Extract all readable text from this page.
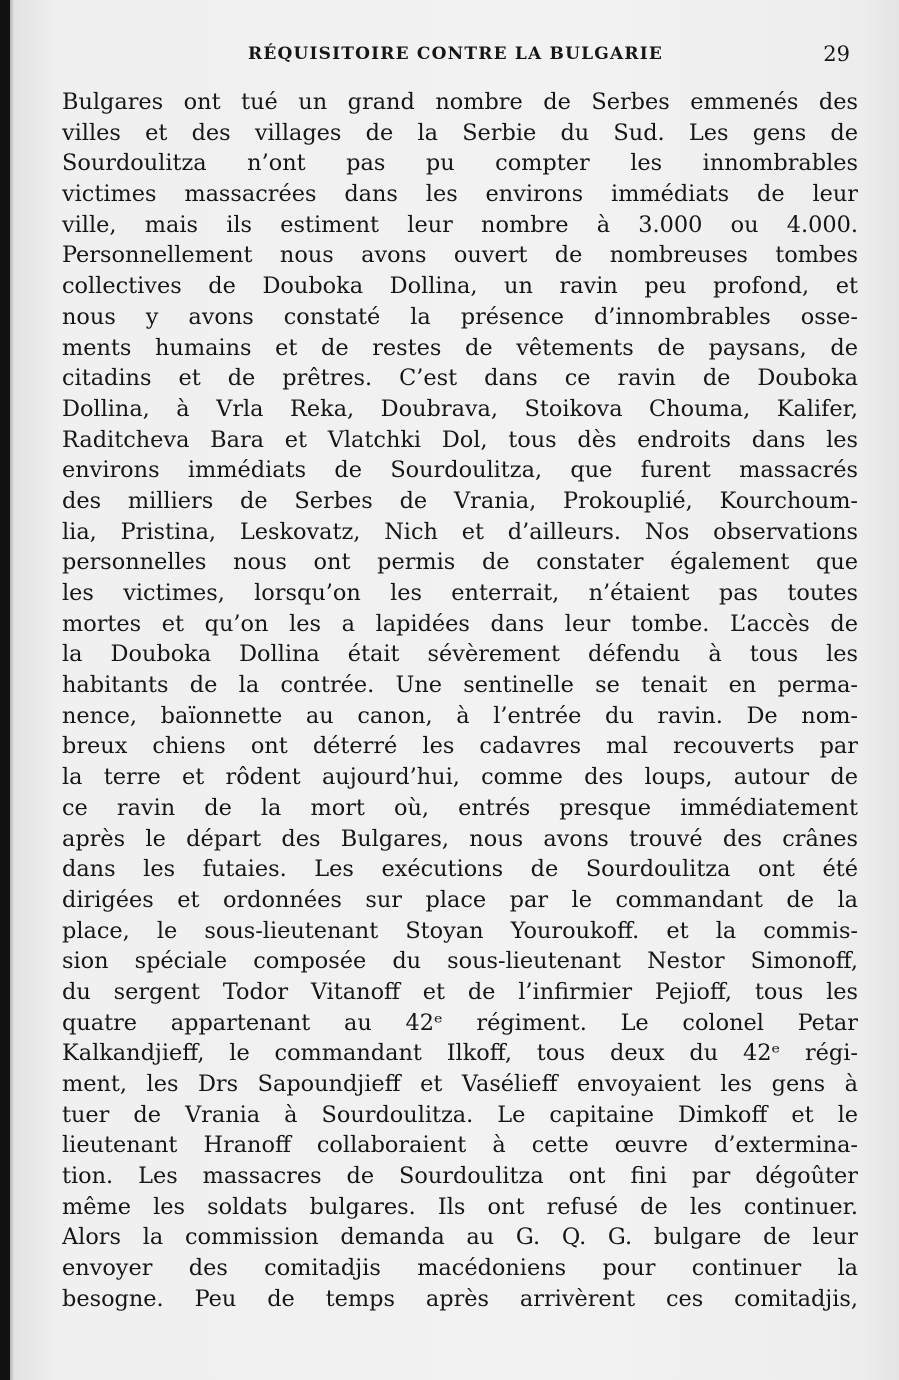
RÉQUISITOIRE CONTRE LA BULGARIE	29
Bulgares ont tué un grand nombre de Serbes emmenés des
villes et des villages de la Serbie du Sud. Les gens de
Sourdoulitza n’ont pas pu compter les innombrables
victimes massacrées dans les environs immédiats de leur
ville, mais ils estiment leur nombre à 3.000 ou 4.000.
Personnellement nous avons ouvert de nombreuses tombes
collectives de Douboka Dollina, un ravin peu profond, et
nous y avons constaté la présence d’innombrables osse-
ments humains et de restes de vêtements de paysans, de
citadins et de prêtres. C’est dans ce ravin de Douboka
Dollina, à Vrla Reka, Doubrava, Stoikova Chouma, Kalifer,
Raditcheva Bara et Vlatchki Dol, tous dès endroits dans les
environs immédiats de Sourdoulitza, que furent massacrés
des milliers de Serbes de Vrania, Prokouplié, Kourchoum-
lia, Pristina, Leskovatz, Nich et d’ailleurs. Nos observations
personnelles nous ont permis de constater également que
les victimes, lorsqu’on les enterrait, n’étaient pas toutes
mortes et qu’on les a lapidées dans leur tombe. L’accès de
la Douboka Dollina était sévèrement défendu à tous les
habitants de la contrée. Une sentinelle se tenait en perma-
nence, baïonnette au canon, à l’entrée du ravin. De nom-
breux chiens ont déterré les cadavres mal recouverts par
la terre et rôdent aujourd’hui, comme des loups, autour de
ce ravin de la mort où, entrés presque immédiatement
après le départ des Bulgares, nous avons trouvé des crânes
dans les futaies. Les exécutions de Sourdoulitza ont été
dirigées et ordonnées sur place par le commandant de la
place, le sous-lieutenant Stoyan Youroukoff. et la commis-
sion spéciale composée du sous-lieutenant Nestor Simonoff,
du sergent Todor Vitanoff et de l’infirmier Pejioff, tous les
quatre appartenant au 42ᵉ régiment. Le colonel Petar
Kalkandjieff, le commandant Ilkoff, tous deux du 42ᵉ régi-
ment, les Drs Sapoundjieff et Vasélieff envoyaient les gens à
tuer de Vrania à Sourdoulitza. Le capitaine Dimkoff et le
lieutenant Hranoff collaboraient à cette œuvre d’extermina-
tion. Les massacres de Sourdoulitza ont fini par dégoûter
même les soldats bulgares. Ils ont refusé de les continuer.
Alors la commission demanda au G. Q. G. bulgare de leur
envoyer des comitadjis macédoniens pour continuer la
besogne. Peu de temps après arrivèrent ces comitadjis,
